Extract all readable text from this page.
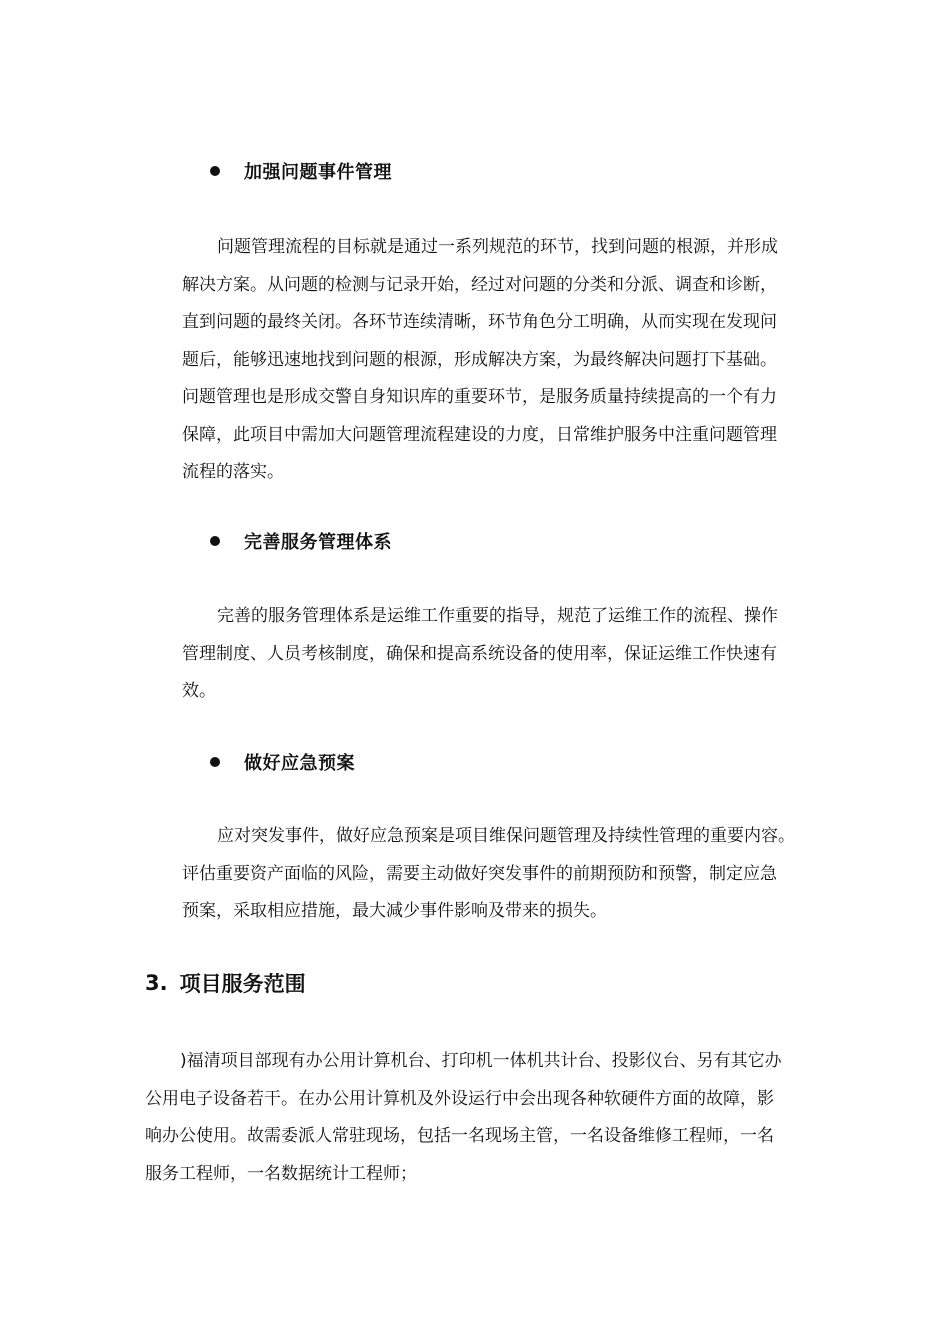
加强问题事件管理
问题管理流程的目标就是通过一系列规范的环节，找到问题的根源，并形成
解决方案。从问题的检测与记录开始，经过对问题的分类和分派、调查和诊断，
直到问题的最终关闭。各环节连续清晰，环节角色分工明确，从而实现在发现问
题后，能够迅速地找到问题的根源，形成解决方案，为最终解决问题打下基础。
问题管理也是形成交警自身知识库的重要环节，是服务质量持续提高的一个有力
保障，此项目中需加大问题管理流程建设的力度，日常维护服务中注重问题管理
流程的落实。
完善服务管理体系
完善的服务管理体系是运维工作重要的指导，规范了运维工作的流程、操作
管理制度、人员考核制度，确保和提高系统设备的使用率，保证运维工作快速有
效。
做好应急预案
应对突发事件，做好应急预案是项目维保问题管理及持续性管理的重要内容。
评估重要资产面临的风险，需要主动做好突发事件的前期预防和预警，制定应急
预案，采取相应措施，最大减少事件影响及带来的损失。
3. 项目服务范围
)福清项目部现有办公用计算机台、打印机一体机共计台、投影仪台、另有其它办
公用电子设备若干。在办公用计算机及外设运行中会出现各种软硬件方面的故障，影
响办公使用。故需委派人常驻现场，包括一名现场主管，一名设备维修工程师，一名
服务工程师，一名数据统计工程师；
